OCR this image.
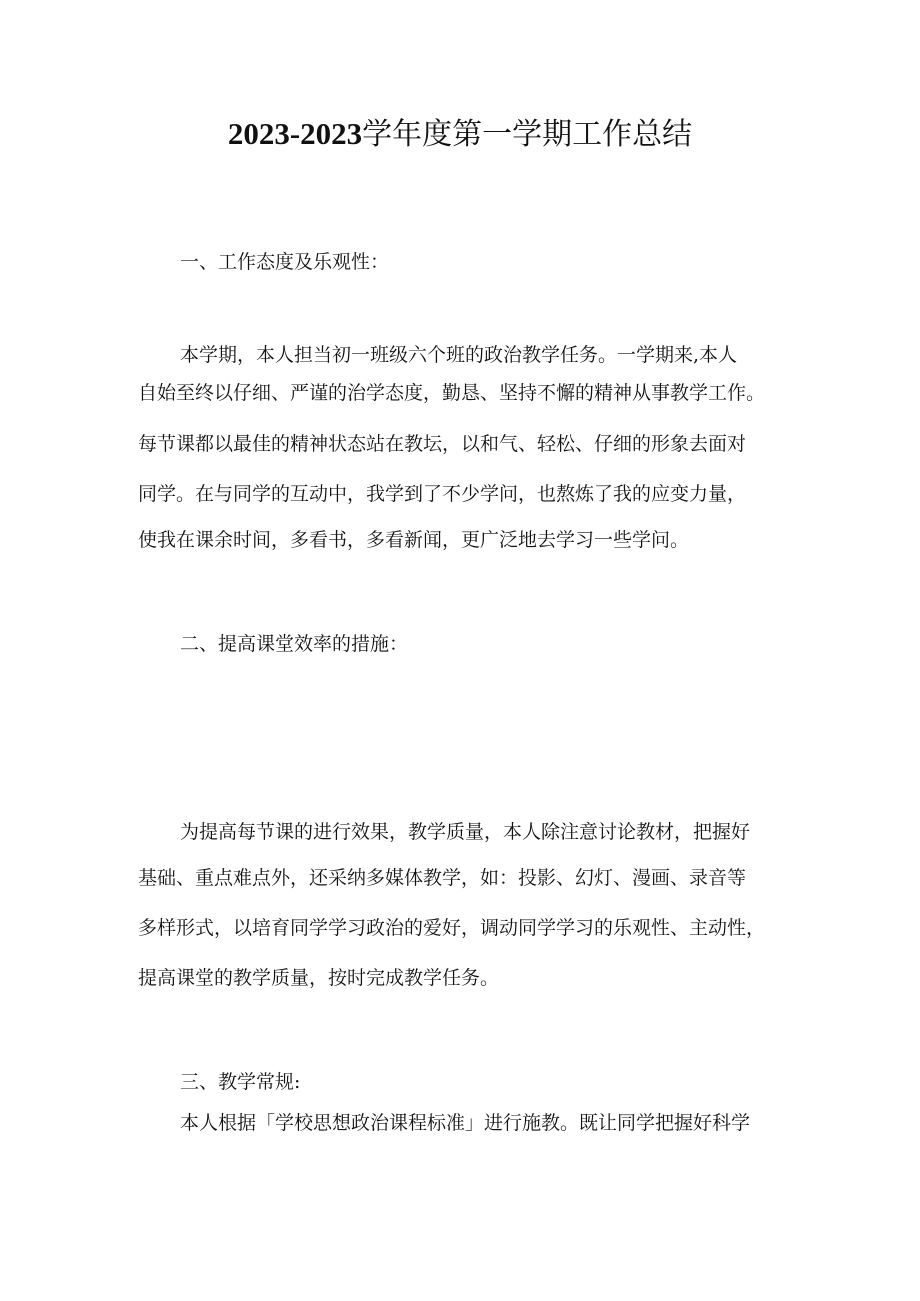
2023-2023学年度第一学期工作总结

一、工作态度及乐观性：

本学期，本人担当初一班级六个班的政治教学任务。一学期来,本人
自始至终以仔细、严谨的治学态度，勤恳、坚持不懈的精神从事教学工作。
每节课都以最佳的精神状态站在教坛，以和气、轻松、仔细的形象去面对
同学。在与同学的互动中，我学到了不少学问，也熬炼了我的应变力量，
使我在课余时间，多看书，多看新闻，更广泛地去学习一些学问。

二、提高课堂效率的措施：

为提高每节课的进行效果，教学质量，本人除注意讨论教材，把握好
基础、重点难点外，还采纳多媒体教学，如：投影、幻灯、漫画、录音等
多样形式，以培育同学学习政治的爱好，调动同学学习的乐观性、主动性，
提高课堂的教学质量，按时完成教学任务。

三、教学常规:

本人根据「学校思想政治课程标准」进行施教。既让同学把握好科学
